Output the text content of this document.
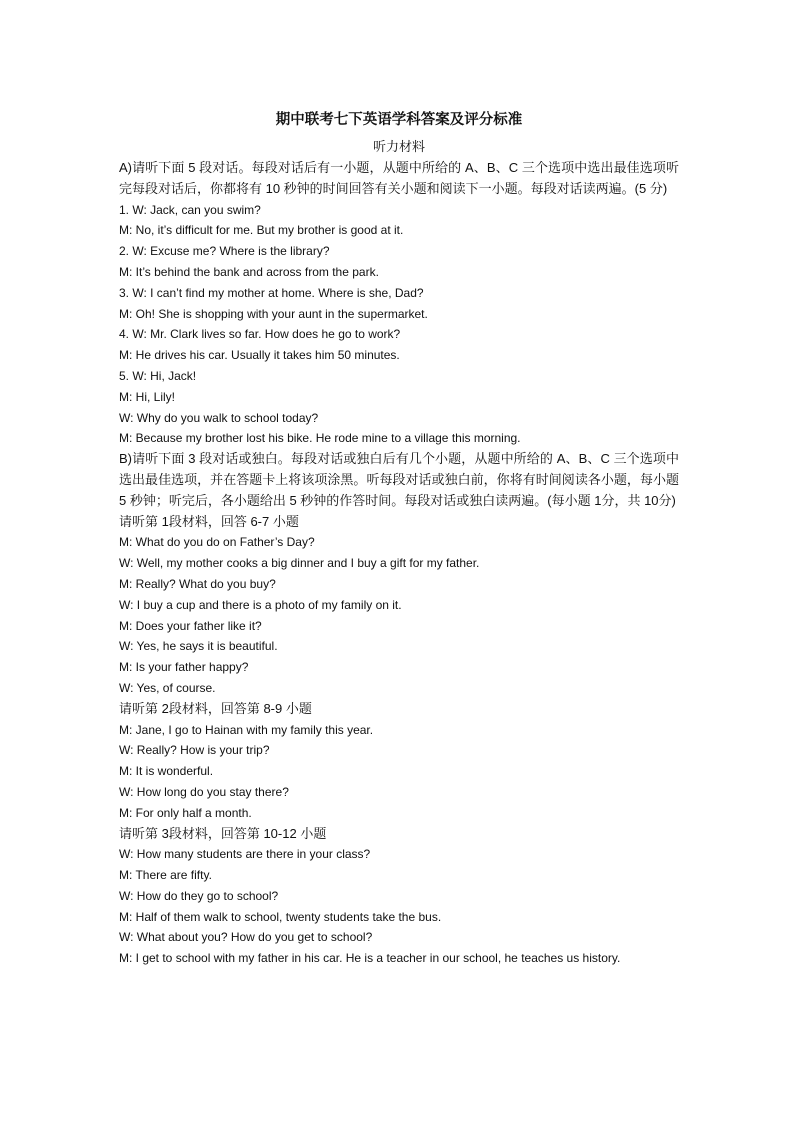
期中联考七下英语学科答案及评分标准
听力材料
A)请听下面 5 段对话。每段对话后有一小题，从题中所给的 A、B、C 三个选项中选出最佳选项听完每段对话后，你都将有 10 秒钟的时间回答有关小题和阅读下一小题。每段对话读两遍。(5 分)
1. W: Jack, can you swim?
M: No, it’s difficult for me. But my brother is good at it.
2. W: Excuse me? Where is the library?
M: It’s behind the bank and across from the park.
3. W: I can’t find my mother at home. Where is she, Dad?
M: Oh! She is shopping with your aunt in the supermarket.
4. W: Mr. Clark lives so far. How does he go to work?
M: He drives his car. Usually it takes him 50 minutes.
5. W: Hi, Jack!
M: Hi, Lily!
W: Why do you walk to school today?
M: Because my brother lost his bike. He rode mine to a village this morning.
B)请听下面 3 段对话或独白。每段对话或独白后有几个小题，从题中所给的 A、B、C 三个选项中选出最佳选项，并在答题卡上将该项涂黑。听每段对话或独白前，你将有时间阅读各小题，每小题 5 秒钟；听完后，各小题给出 5 秒钟的作答时间。每段对话或独白读两遍。(每小题 1分，共 10分)
请听第 1段材料，回答 6-7 小题
M: What do you do on Father’s Day?
W: Well, my mother cooks a big dinner and I buy a gift for my father.
M: Really? What do you buy?
W: I buy a cup and there is a photo of my family on it.
M: Does your father like it?
W: Yes, he says it is beautiful.
M: Is your father happy?
W: Yes, of course.
请听第 2段材料，回答第 8-9 小题
M: Jane, I go to Hainan with my family this year.
W: Really? How is your trip?
M: It is wonderful.
W: How long do you stay there?
M: For only half a month.
请听第 3段材料，回答第 10-12 小题
W: How many students are there in your class?
M: There are fifty.
W: How do they go to school?
M: Half of them walk to school, twenty students take the bus.
W: What about you? How do you get to school?
M: I get to school with my father in his car. He is a teacher in our school, he teaches us history.
